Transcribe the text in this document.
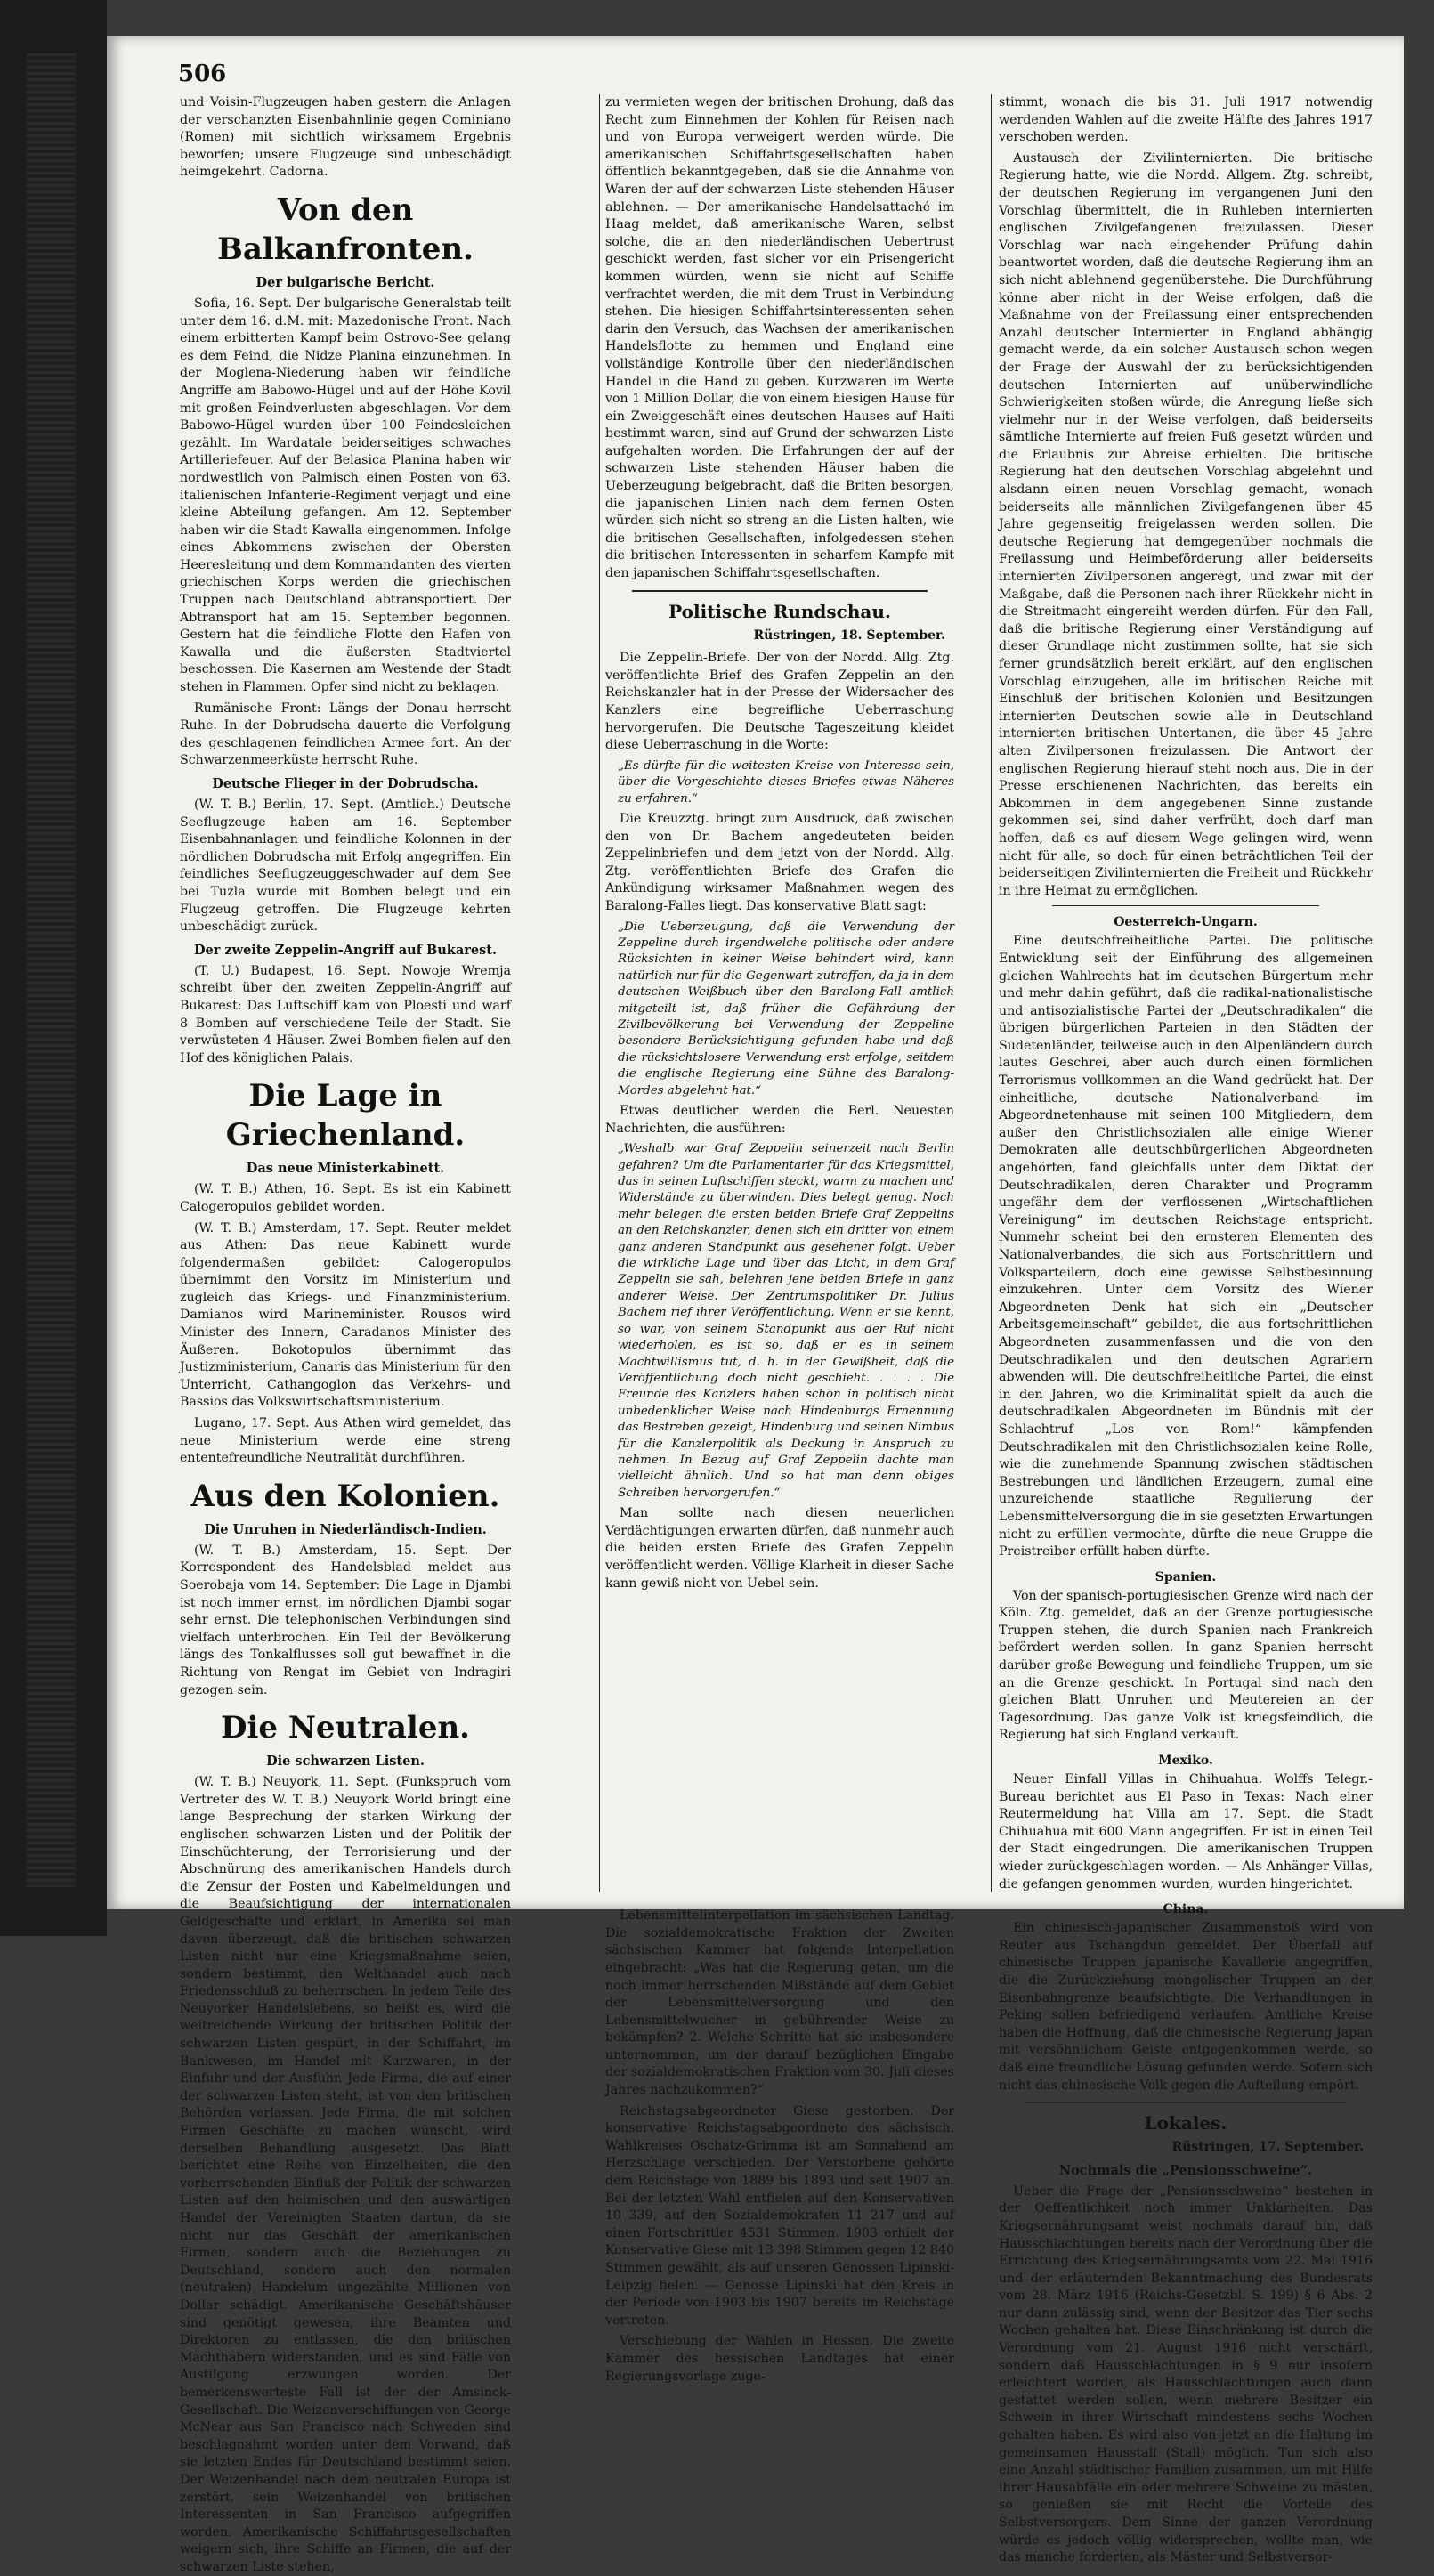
506

und Voisin-Flugzeugen haben gestern die Anlagen der verschanzten Eisenbahnlinie gegen Cominiano (Romen) mit sichtlich wirksamem Ergebnis beworfen; unsere Flugzeuge sind unbeschädigt heimgekehrt. Cadorna.

Von den Balkanfronten.
Der bulgarische Bericht.

Sofia, 16. Sept. Der bulgarische Generalstab teilt unter dem 16. d.M. mit: Mazedonische Front. Nach einem erbitterten Kampf beim Ostrovo-See gelang es dem Feind, die Nidze Planina einzunehmen. In der Moglena-Niederung haben wir feindliche Angriffe am Babowo-Hügel und auf der Höhe Kovil mit großen Feindverlusten abgeschlagen. Vor dem Babowo-Hügel wurden über 100 Feindesleichen gezählt. Im Wardatale beiderseitiges schwaches Artilleriefeuer. Auf der Belasica Planina haben wir nordwestlich von Palmisch einen Posten von 63. italienischen Infanterie-Regiment verjagt und eine kleine Abteilung gefangen. Am 12. September haben wir die Stadt Kawalla eingenommen. Infolge eines Abkommens zwischen der Obersten Heeresleitung und dem Kommandanten des vierten griechischen Korps werden die griechischen Truppen nach Deutschland abtransportiert. Der Abtransport hat am 15. September begonnen. Gestern hat die feindliche Flotte den Hafen von Kawalla und die äußersten Stadtviertel beschossen. Die Kasernen am Westende der Stadt stehen in Flammen. Opfer sind nicht zu beklagen.

Rumänische Front: Längs der Donau herrscht Ruhe. In der Dobrudscha dauerte die Verfolgung des geschlagenen feindlichen Armee fort. An der Schwarzenmeerküste herrscht Ruhe.

Deutsche Flieger in der Dobrudscha.

(W. T. B.) Berlin, 17. Sept. (Amtlich.) Deutsche Seeflugzeuge haben am 16. September Eisenbahnanlagen und feindliche Kolonnen in der nördlichen Dobrudscha mit Erfolg angegriffen. Ein feindliches Seeflugzeuggeschwader auf dem See bei Tuzla wurde mit Bomben belegt und ein Flugzeug getroffen. Die Flugzeuge kehrten unbeschädigt zurück.

Der zweite Zeppelin-Angriff auf Bukarest.

(T. U.) Budapest, 16. Sept. Nowoje Wremja schreibt über den zweiten Zeppelin-Angriff auf Bukarest: Das Luftschiff kam von Ploesti und warf 8 Bomben auf verschiedene Teile der Stadt. Sie verwüsteten 4 Häuser. Zwei Bomben fielen auf den Hof des königlichen Palais.

Die Lage in Griechenland.
Das neue Ministerkabinett.

(W. T. B.) Athen, 16. Sept. Es ist ein Kabinett Calogeropulos gebildet worden.

(W. T. B.) Amsterdam, 17. Sept. Reuter meldet aus Athen: Das neue Kabinett wurde folgendermaßen gebildet: Calogeropulos übernimmt den Vorsitz im Ministerium und zugleich das Kriegs- und Finanzministerium. Damianos wird Marineminister. Rousos wird Minister des Innern, Caradanos Minister des Äußeren. Bokotopulos übernimmt das Justizministerium, Canaris das Ministerium für den Unterricht, Cathangoglon das Verkehrs- und Bassios das Volkswirtschaftsministerium.

Lugano, 17. Sept. Aus Athen wird gemeldet, das neue Ministerium werde eine streng ententefreundliche Neutralität durchführen.

Aus den Kolonien.
Die Unruhen in Niederländisch-Indien.

(W. T. B.) Amsterdam, 15. Sept. Der Korrespondent des Handelsblad meldet aus Soerobaja vom 14. September: Die Lage in Djambi ist noch immer ernst, im nördlichen Djambi sogar sehr ernst. Die telephonischen Verbindungen sind vielfach unterbrochen. Ein Teil der Bevölkerung längs des Tonkalflusses soll gut bewaffnet in die Richtung von Rengat im Gebiet von Indragiri gezogen sein.

Die Neutralen.
Die schwarzen Listen.

(W. T. B.) Neuyork, 11. Sept. (Funkspruch vom Vertreter des W. T. B.) Neuyork World bringt eine lange Besprechung der starken Wirkung der englischen schwarzen Listen und der Politik der Einschüchterung, der Terrorisierung und der Abschnürung des amerikanischen Handels durch die Zensur der Posten und Kabelmeldungen und die Beaufsichtigung der internationalen Geldgeschäfte und erklärt, in Amerika sei man davon überzeugt, daß die britischen schwarzen Listen nicht nur eine Kriegsmaßnahme seien, sondern bestimmt, den Welthandel auch nach Friedensschluß zu beherrschen. In jedem Teile des Neuyorker Handelslebens, so heißt es, wird die weitreichende Wirkung der britischen Politik der schwarzen Listen gespürt, in der Schiffahrt, im Bankwesen, im Handel mit Kurzwaren, in der Einfuhr und der Ausfuhr. Jede Firma, die auf einer der schwarzen Listen steht, ist von den britischen Behörden verlassen. Jede Firma, die mit solchen Firmen Geschäfte zu machen wünscht, wird derselben Behandlung ausgesetzt. Das Blatt berichtet eine Reihe von Einzelheiten, die den vorherrschenden Einfluß der Politik der schwarzen Listen auf den heimischen und den auswärtigen Handel der Vereinigten Staaten dartun, da sie nicht nur das Geschäft der amerikanischen Firmen, sondern auch die Beziehungen zu Deutschland, sondern auch den normalen (neutralen) Handelum ungezählte Millionen von Dollar schädigt. Amerikanische Geschäftshäuser sind genötigt gewesen, ihre Beamten und Direktoren zu entlassen, die den britischen Machthabern widerstanden, und es sind Fälle von Austilgung erzwungen worden. Der bemerkenswerteste Fall ist der der Amsinck-Gesellschaft. Die Weizenverschiffungen von George McNear aus San Francisco nach Schweden sind beschlagnahmt worden unter dem Vorwand, daß sie letzten Endes für Deutschland bestimmt seien. Der Weizenhandel nach dem neutralen Europa ist zerstört, sein Weizenhandel von britischen Interessenten in San Francisco aufgegriffen worden. Amerikanische Schiffahrtsgesellschaften weigern sich, ihre Schiffe an Firmen, die auf der schwarzen Liste stehen,

zu vermieten wegen der britischen Drohung, daß das Recht zum Einnehmen der Kohlen für Reisen nach und von Europa verweigert werden würde. Die amerikanischen Schiffahrtsgesellschaften haben öffentlich bekanntgegeben, daß sie die Annahme von Waren der auf der schwarzen Liste stehenden Häuser ablehnen. — Der amerikanische Handelsattaché im Haag meldet, daß amerikanische Waren, selbst solche, die an den niederländischen Uebertrust geschickt werden, fast sicher vor ein Prisengericht kommen würden, wenn sie nicht auf Schiffe verfrachtet werden, die mit dem Trust in Verbindung stehen. Die hiesigen Schiffahrtsinteressenten sehen darin den Versuch, das Wachsen der amerikanischen Handelsflotte zu hemmen und England eine vollständige Kontrolle über den niederländischen Handel in die Hand zu geben. Kurzwaren im Werte von 1 Million Dollar, die von einem hiesigen Hause für ein Zweiggeschäft eines deutschen Hauses auf Haiti bestimmt waren, sind auf Grund der schwarzen Liste aufgehalten worden. Die Erfahrungen der auf der schwarzen Liste stehenden Häuser haben die Ueberzeugung beigebracht, daß die Briten besorgen, die japanischen Linien nach dem fernen Osten würden sich nicht so streng an die Listen halten, wie die britischen Gesellschaften, infolgedessen stehen die britischen Interessenten in scharfem Kampfe mit den japanischen Schiffahrtsgesellschaften.

Politische Rundschau.
Rüstringen, 18. September.

Die Zeppelin-Briefe. Der von der Nordd. Allg. Ztg. veröffentlichte Brief des Grafen Zeppelin an den Reichskanzler hat in der Presse der Widersacher des Kanzlers eine begreifliche Ueberraschung hervorgerufen. Die Deutsche Tageszeitung kleidet diese Ueberraschung in die Worte:

„Es dürfte für die weitesten Kreise von Interesse sein, über die Vorgeschichte dieses Briefes etwas Näheres zu erfahren.“

Die Kreuzztg. bringt zum Ausdruck, daß zwischen den von Dr. Bachem angedeuteten beiden Zeppelinbriefen und dem jetzt von der Nordd. Allg. Ztg. veröffentlichten Briefe des Grafen die Ankündigung wirksamer Maßnahmen wegen des Baralong-Falles liegt. Das konservative Blatt sagt:

„Die Ueberzeugung, daß die Verwendung der Zeppeline durch irgendwelche politische oder andere Rücksichten in keiner Weise behindert wird, kann natürlich nur für die Gegenwart zutreffen, da ja in dem deutschen Weißbuch über den Baralong-Fall amtlich mitgeteilt ist, daß früher die Gefährdung der Zivilbevölkerung bei Verwendung der Zeppeline besondere Berücksichtigung gefunden habe und daß die rücksichtslosere Verwendung erst erfolge, seitdem die englische Regierung eine Sühne des Baralong-Mordes abgelehnt hat.“

Etwas deutlicher werden die Berl. Neuesten Nachrichten, die ausführen:

„Weshalb war Graf Zeppelin seinerzeit nach Berlin gefahren? Um die Parlamentarier für das Kriegsmittel, das in seinen Luftschiffen steckt, warm zu machen und Widerstände zu überwinden. Dies belegt genug. Noch mehr belegen die ersten beiden Briefe Graf Zeppelins an den Reichskanzler, denen sich ein dritter von einem ganz anderen Standpunkt aus gesehener folgt. Ueber die wirkliche Lage und über das Licht, in dem Graf Zeppelin sie sah, belehren jene beiden Briefe in ganz anderer Weise. Der Zentrumspolitiker Dr. Julius Bachem rief ihrer Veröffentlichung. Wenn er sie kennt, so war, von seinem Standpunkt aus der Ruf nicht wiederholen, es ist so, daß er es in seinem Machtwillismus tut, d. h. in der Gewißheit, daß die Veröffentlichung doch nicht geschieht. . . . . Die Freunde des Kanzlers haben schon in politisch nicht unbedenklicher Weise nach Hindenburgs Ernennung das Bestreben gezeigt, Hindenburg und seinen Nimbus für die Kanzlerpolitik als Deckung in Anspruch zu nehmen. In Bezug auf Graf Zeppelin dachte man vielleicht ähnlich. Und so hat man denn obiges Schreiben hervorgerufen.“

Man sollte nach diesen neuerlichen Verdächtigungen erwarten dürfen, daß nunmehr auch die beiden ersten Briefe des Grafen Zeppelin veröffentlicht werden. Völlige Klarheit in dieser Sache kann gewiß nicht von Uebel sein.

Lebensmittelinterpellation im sächsischen Landtag. Die sozialdemokratische Fraktion der Zweiten sächsischen Kammer hat folgende Interpellation eingebracht: „Was hat die Regierung getan, um die noch immer herrschenden Mißstände auf dem Gebiet der Lebensmittelversorgung und den Lebensmittelwucher in gebührender Weise zu bekämpfen? 2. Welche Schritte hat sie insbesondere unternommen, um der darauf bezüglichen Eingabe der sozialdemokratischen Fraktion vom 30. Juli dieses Jahres nachzukommen?“

Reichstagsabgeordneter Giese gestorben. Der konservative Reichstagsabgeordnete des sächsisch. Wahlkreises Oschatz-Grimma ist am Sonnabend am Herzschlage verschieden. Der Verstorbene gehörte dem Reichstage von 1889 bis 1893 und seit 1907 an. Bei der letzten Wahl entfielen auf den Konservativen 10 339, auf den Sozialdemokraten 11 217 und auf einen Fortschrittler 4531 Stimmen. 1903 erhielt der Konservative Giese mit 13 398 Stimmen gegen 12 840 Stimmen gewählt, als auf unseren Genossen Lipinski-Leipzig fielen. — Genosse Lipinski hat den Kreis in der Periode von 1903 bis 1907 bereits im Reichstage vertreten.

Verschiebung der Wahlen in Hessen. Die zweite Kammer des hessischen Landtages hat einer Regierungsvorlage zuge-

stimmt, wonach die bis 31. Juli 1917 notwendig werdenden Wahlen auf die zweite Hälfte des Jahres 1917 verschoben werden.

Austausch der Zivilinternierten. Die britische Regierung hatte, wie die Nordd. Allgem. Ztg. schreibt, der deutschen Regierung im vergangenen Juni den Vorschlag übermittelt, die in Ruhleben internierten englischen Zivilgefangenen freizulassen. Dieser Vorschlag war nach eingehender Prüfung dahin beantwortet worden, daß die deutsche Regierung ihm an sich nicht ablehnend gegenüberstehe. Die Durchführung könne aber nicht in der Weise erfolgen, daß die Maßnahme von der Freilassung einer entsprechenden Anzahl deutscher Internierter in England abhängig gemacht werde, da ein solcher Austausch schon wegen der Frage der Auswahl der zu berücksichtigenden deutschen Internierten auf unüberwindliche Schwierigkeiten stoßen würde; die Anregung ließe sich vielmehr nur in der Weise verfolgen, daß beiderseits sämtliche Internierte auf freien Fuß gesetzt würden und die Erlaubnis zur Abreise erhielten. Die britische Regierung hat den deutschen Vorschlag abgelehnt und alsdann einen neuen Vorschlag gemacht, wonach beiderseits alle männlichen Zivilgefangenen über 45 Jahre gegenseitig freigelassen werden sollen. Die deutsche Regierung hat demgegenüber nochmals die Freilassung und Heimbeförderung aller beiderseits internierten Zivilpersonen angeregt, und zwar mit der Maßgabe, daß die Personen nach ihrer Rückkehr nicht in die Streitmacht eingereiht werden dürfen. Für den Fall, daß die britische Regierung einer Verständigung auf dieser Grundlage nicht zustimmen sollte, hat sie sich ferner grundsätzlich bereit erklärt, auf den englischen Vorschlag einzugehen, alle im britischen Reiche mit Einschluß der britischen Kolonien und Besitzungen internierten Deutschen sowie alle in Deutschland internierten britischen Untertanen, die über 45 Jahre alten Zivilpersonen freizulassen. Die Antwort der englischen Regierung hierauf steht noch aus. Die in der Presse erschienenen Nachrichten, das bereits ein Abkommen in dem angegebenen Sinne zustande gekommen sei, sind daher verfrüht, doch darf man hoffen, daß es auf diesem Wege gelingen wird, wenn nicht für alle, so doch für einen beträchtlichen Teil der beiderseitigen Zivilinternierten die Freiheit und Rückkehr in ihre Heimat zu ermöglichen.

Oesterreich-Ungarn.

Eine deutschfreiheitliche Partei. Die politische Entwicklung seit der Einführung des allgemeinen gleichen Wahlrechts hat im deutschen Bürgertum mehr und mehr dahin geführt, daß die radikal-nationalistische und antisozialistische Partei der „Deutschradikalen“ die übrigen bürgerlichen Parteien in den Städten der Sudetenländer, teilweise auch in den Alpenländern durch lautes Geschrei, aber auch durch einen förmlichen Terrorismus vollkommen an die Wand gedrückt hat. Der einheitliche, deutsche Nationalverband im Abgeordnetenhause mit seinen 100 Mitgliedern, dem außer den Christlichsozialen alle einige Wiener Demokraten alle deutschbürgerlichen Abgeordneten angehörten, fand gleichfalls unter dem Diktat der Deutschradikalen, deren Charakter und Programm ungefähr dem der verflossenen „Wirtschaftlichen Vereinigung“ im deutschen Reichstage entspricht. Nunmehr scheint bei den ernsteren Elementen des Nationalverbandes, die sich aus Fortschrittlern und Volksparteilern, doch eine gewisse Selbstbesinnung einzukehren. Unter dem Vorsitz des Wiener Abgeordneten Denk hat sich ein „Deutscher Arbeitsgemeinschaft“ gebildet, die aus fortschrittlichen Abgeordneten zusammenfassen und die von den Deutschradikalen und den deutschen Agrariern abwenden will. Die deutschfreiheitliche Partei, die einst in den Jahren, wo die Kriminalität spielt da auch die deutschradikalen Abgeordneten im Bündnis mit der Schlachtruf „Los von Rom!“ kämpfenden Deutschradikalen mit den Christlichsozialen keine Rolle, wie die zunehmende Spannung zwischen städtischen Bestrebungen und ländlichen Erzeugern, zumal eine unzureichende staatliche Regulierung der Lebensmittelversorgung die in sie gesetzten Erwartungen nicht zu erfüllen vermochte, dürfte die neue Gruppe die Preistreiber erfüllt haben dürfte.

Spanien.

Von der spanisch-portugiesischen Grenze wird nach der Köln. Ztg. gemeldet, daß an der Grenze portugiesische Truppen stehen, die durch Spanien nach Frankreich befördert werden sollen. In ganz Spanien herrscht darüber große Bewegung und feindliche Truppen, um sie an die Grenze geschickt. In Portugal sind nach den gleichen Blatt Unruhen und Meutereien an der Tagesordnung. Das ganze Volk ist kriegsfeindlich, die Regierung hat sich England verkauft.

Mexiko.

Neuer Einfall Villas in Chihuahua. Wolffs Telegr.-Bureau berichtet aus El Paso in Texas: Nach einer Reutermeldung hat Villa am 17. Sept. die Stadt Chihuahua mit 600 Mann angegriffen. Er ist in einen Teil der Stadt eingedrungen. Die amerikanischen Truppen wieder zurückgeschlagen worden. — Als Anhänger Villas, die gefangen genommen wurden, wurden hingerichtet.

China.

Ein chinesisch-japanischer Zusammenstoß wird von Reuter aus Tschangdun gemeldet. Der Überfall auf chinesische Truppen japanische Kavallerie angegriffen, die die Zurückziehung mongolischer Truppen an der Eisenbahngrenze beaufsichtigte. Die Verhandlungen in Peking sollen befriedigend verlaufen. Amtliche Kreise haben die Hoffnung, daß die chinesische Regierung Japan mit versöhnlichem Geiste entgegenkommen werde, so daß eine freundliche Lösung gefunden werde. Sofern sich nicht das chinesische Volk gegen die Aufteilung empört.

Lokales.
Rüstringen, 17. September.
Nochmals die „Pensionsschweine“.

Ueber die Frage der „Pensionsschweine“ bestehen in der Oeffentlichkeit noch immer Unklarheiten. Das Kriegsernährungsamt weist nochmals darauf hin, daß Hausschlachtungen bereits nach der Verordnung über die Errichtung des Kriegsernährungsamts vom 22. Mai 1916 und der erläuternden Bekanntmachung des Bundesrats vom 28. März 1916 (Reichs-Gesetzbl. S. 199) § 6 Abs. 2 nur dann zulässig sind, wenn der Besitzer das Tier sechs Wochen gehalten hat. Diese Einschränkung ist durch die Verordnung vom 21. August 1916 nicht verschärft, sondern daß Hausschlachtungen in § 9 nur insofern erleichtert worden, als Hausschlachtungen auch dann gestattet werden sollen, wenn mehrere Besitzer ein Schwein in ihrer Wirtschaft mindestens sechs Wochen gehalten haben. Es wird also von jetzt an die Haltung im gemeinsamen Hausstall (Stall) möglich. Tun sich also eine Anzahl städtischer Familien zusammen, um mit Hilfe ihrer Hausabfälle ein oder mehrere Schweine zu mästen, so genießen sie mit Recht die Vorteile des Selbstversorgers. Dem Sinne der ganzen Verordnung würde es jedoch völlig widersprechen, wollte man, wie das manche forderten, als Mäster und Selbstversor-
